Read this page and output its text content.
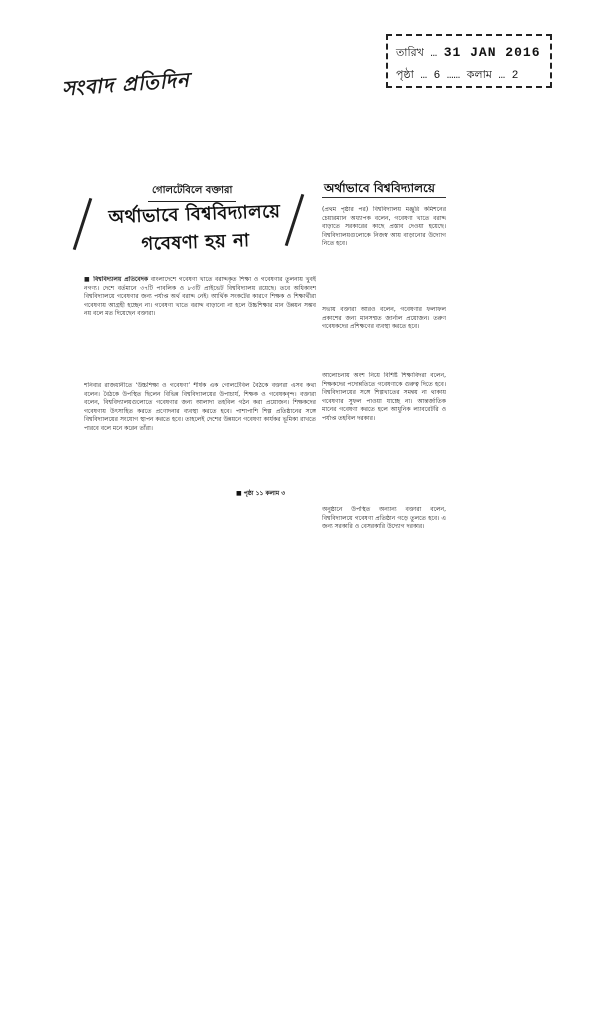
সংবাদ প্রতিদিন
তারিখ … 31 JAN 2016
পৃষ্ঠা … 6 …… কলাম … 2
গোলটেবিলে বক্তারা
অর্থাভাবে বিশ্ববিদ্যালয়ে
গবেষণা হয় না
■ বিশ্ববিদ্যালয় প্রতিবেদক বাংলাদেশে গবেষণা খাতে বরাদ্দকৃত শিক্ষা ও গবেষণার তুলনায় খুবই নগণ্য। দেশে বর্তমানে ৩৭টি পাবলিক ও ৮৩টি প্রাইভেট বিশ্ববিদ্যালয় রয়েছে। তবে অধিকাংশ বিশ্ববিদ্যালয়ে গবেষণার জন্য পর্যাপ্ত অর্থ বরাদ্দ নেই। আর্থিক সংকটের কারণে শিক্ষক ও শিক্ষার্থীরা গবেষণায় আগ্রহী হচ্ছেন না। গবেষণা খাতে বরাদ্দ বাড়ানো না হলে উচ্চশিক্ষার মান উন্নয়ন সম্ভব নয় বলে মত দিয়েছেন বক্তারা।
শনিবার রাজধানীতে ‘উচ্চশিক্ষা ও গবেষণা’ শীর্ষক এক গোলটেবিল বৈঠকে বক্তারা এসব কথা বলেন। বৈঠকে উপস্থিত ছিলেন বিভিন্ন বিশ্ববিদ্যালয়ের উপাচার্য, শিক্ষক ও গবেষকবৃন্দ। বক্তারা বলেন, বিশ্ববিদ্যালয়গুলোতে গবেষণার জন্য আলাদা তহবিল গঠন করা প্রয়োজন। শিক্ষকদের গবেষণায় উৎসাহিত করতে প্রণোদনার ব্যবস্থা করতে হবে। পাশাপাশি শিল্প প্রতিষ্ঠানের সঙ্গে বিশ্ববিদ্যালয়ের সংযোগ স্থাপন করতে হবে। তাহলেই দেশের উন্নয়নে গবেষণা কার্যকর ভূমিকা রাখতে পারবে বলে মনে করেন তাঁরা।
■ পৃষ্ঠা ১১ কলাম ৩
অর্থাভাবে বিশ্ববিদ্যালয়ে
(প্রথম পৃষ্ঠার পর) বিশ্ববিদ্যালয় মঞ্জুরি কমিশনের চেয়ারম্যান অধ্যাপক বলেন, গবেষণা খাতে বরাদ্দ বাড়াতে সরকারের কাছে প্রস্তাব দেওয়া হয়েছে। বিশ্ববিদ্যালয়গুলোকে নিজস্ব আয় বাড়ানোর উদ্যোগ নিতে হবে।
সভায় বক্তারা আরও বলেন, গবেষণার ফলাফল প্রকাশের জন্য মানসম্মত জার্নাল প্রয়োজন। তরুণ গবেষকদের প্রশিক্ষণের ব্যবস্থা করতে হবে।
আলোচনায় অংশ নিয়ে বিশিষ্ট শিক্ষাবিদরা বলেন, শিক্ষকদের পদোন্নতিতে গবেষণাকে গুরুত্ব দিতে হবে। বিশ্ববিদ্যালয়ের সঙ্গে শিল্পখাতের সমন্বয় না থাকায় গবেষণার সুফল পাওয়া যাচ্ছে না। আন্তর্জাতিক মানের গবেষণা করতে হলে আধুনিক ল্যাবরেটরি ও পর্যাপ্ত তহবিল দরকার।
অনুষ্ঠানে উপস্থিত অন্যান্য বক্তারা বলেন, বিশ্ববিদ্যালয়ে গবেষণা প্রতিষ্ঠান গড়ে তুলতে হবে। এ জন্য সরকারি ও বেসরকারি উদ্যোগ দরকার।
